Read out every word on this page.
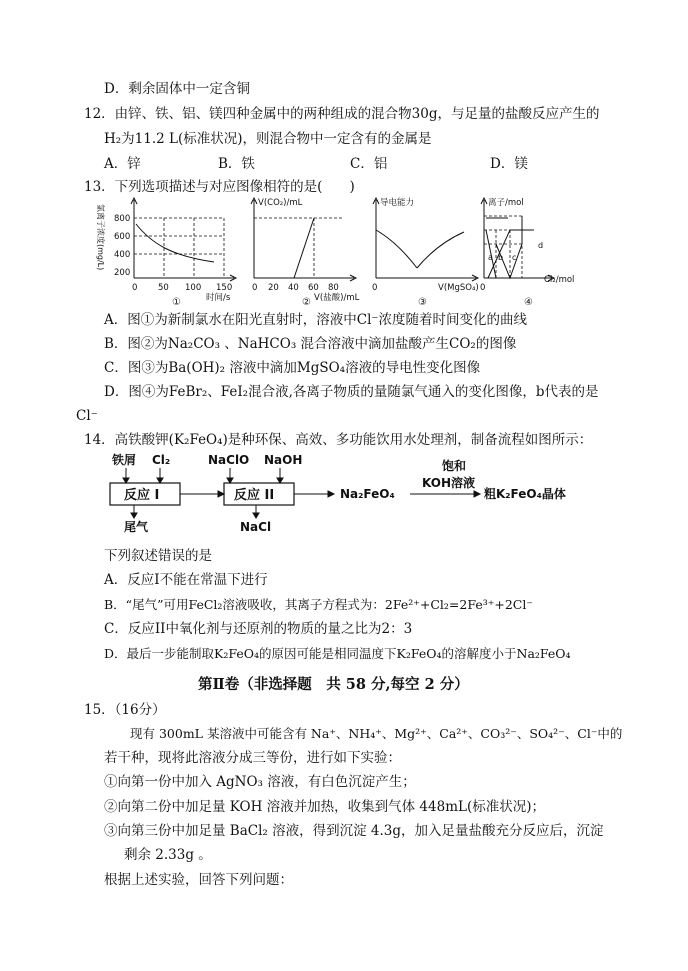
D．剩余固体中一定含铜
12．由锌、铁、铝、镁四种金属中的两种组成的混合物30g，与足量的盐酸反应产生的
H₂为11.2 L(标准状况)，则混合物中一定含有的金属是
A．锌	B．铁	C．铝	D．镁
13．下列选项描述与对应图像相符的是(　　)
氯离子浓度(mg/L) 800
600
400
200
0 50 100 150
时间/s
①
V(CO₂)/mL
0 20 40 60 80
V(盐酸)/mL
②
导电能力
0	V(MgSO₄)
③
离子/mol
a b c
d
0
Cl₂/mol
④
A．图①为新制氯水在阳光直射时，溶液中Cl⁻浓度随着时间变化的曲线
B．图②为Na₂CO₃ 、NaHCO₃ 混合溶液中滴加盐酸产生CO₂的图像
C．图③为Ba(OH)₂ 溶液中滴加MgSO₄溶液的导电性变化图像
D．图④为FeBr₂、FeI₂混合液,各离子物质的量随氯气通入的变化图像，b代表的是
Cl⁻
14．高铁酸钾(K₂FeO₄)是种环保、高效、多功能饮用水处理剂，制备流程如图所示：
铁屑 Cl₂
反应 I
尾气
NaClO NaOH
反应 II
NaCl
Na₂FeO₄
饱和
KOH溶液
粗K₂FeO₄晶体
下列叙述错误的是
A．反应I不能在常温下进行
B．“尾气”可用FeCl₂溶液吸收，其离子方程式为：2Fe²⁺+Cl₂=2Fe³⁺+2Cl⁻
C．反应II中氧化剂与还原剂的物质的量之比为2：3
D．最后一步能制取K₂FeO₄的原因可能是相同温度下K₂FeO₄的溶解度小于Na₂FeO₄
第Ⅱ卷（非选择题　共 58 分,每空 2 分）
15．（16分）
现有 300mL 某溶液中可能含有 Na⁺、NH₄⁺、Mg²⁺、Ca²⁺、CO₃²⁻、SO₄²⁻、Cl⁻中的
若干种，现将此溶液分成三等份，进行如下实验：
①向第一份中加入 AgNO₃ 溶液，有白色沉淀产生；
②向第二份中加足量 KOH 溶液并加热，收集到气体 448mL(标准状况)；
③向第三份中加足量 BaCl₂ 溶液，得到沉淀 4.3g，加入足量盐酸充分反应后，沉淀
剩余 2.33g 。
根据上述实验，回答下列问题：
